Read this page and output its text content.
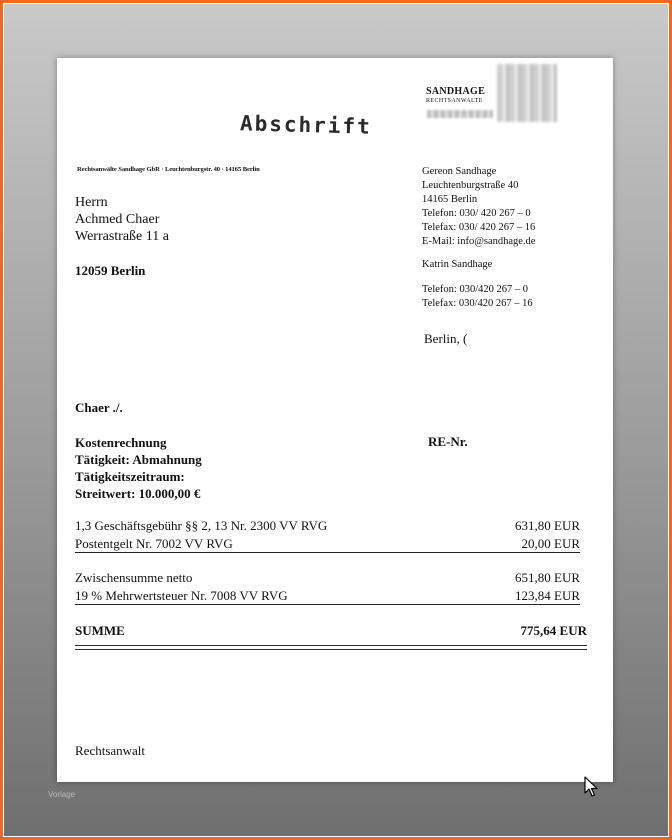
SANDHAGE
RECHTSANWALTE
Abschrift
Rechtsanwälte Sandhage GbR · Leuchtenburgstr. 40 · 14165 Berlin
Herrn
Achmed Chaer
Werrastraße 11 a
12059 Berlin
Gereon Sandhage
Leuchtenburgstraße 40
14165 Berlin
Telefon: 030/ 420 267 – 0
Telefax: 030/ 420 267 – 16
E-Mail: info@sandhage.de
Katrin Sandhage
Telefon: 030/420 267 – 0
Telefax: 030/420 267 – 16
Berlin, (
Chaer ./.
Kostenrechnung
Tätigkeit: Abmahnung
Tätigkeitszeitraum:
Streitwert: 10.000,00 €
RE-Nr.
1,3 Geschäftsgebühr §§ 2, 13 Nr. 2300 VV RVG	631,80 EUR
Postentgelt Nr. 7002 VV RVG	20,00 EUR
Zwischensumme netto	651,80 EUR
19 % Mehrwertsteuer Nr. 7008 VV RVG	123,84 EUR
SUMME	775,64 EUR
Rechtsanwalt
Vorlage
